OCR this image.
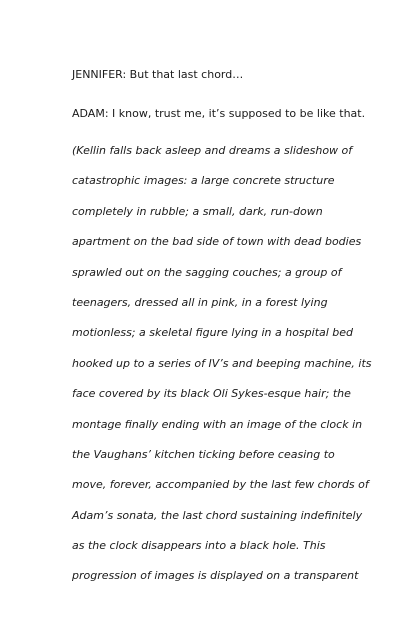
JENNIFER: But that last chord…
ADAM: I know, trust me, it’s supposed to be like that.
(Kellin falls back asleep and dreams a slideshow of
catastrophic images: a large concrete structure
completely in rubble; a small, dark, run-down
apartment on the bad side of town with dead bodies
sprawled out on the sagging couches; a group of
teenagers, dressed all in pink, in a forest lying
motionless; a skeletal figure lying in a hospital bed
hooked up to a series of IV’s and beeping machine, its
face covered by its black Oli Sykes-esque hair; the
montage finally ending with an image of the clock in
the Vaughans’ kitchen ticking before ceasing to
move, forever, accompanied by the last few chords of
Adam’s sonata, the last chord sustaining indefinitely
as the clock disappears into a black hole. This
progression of images is displayed on a transparent
